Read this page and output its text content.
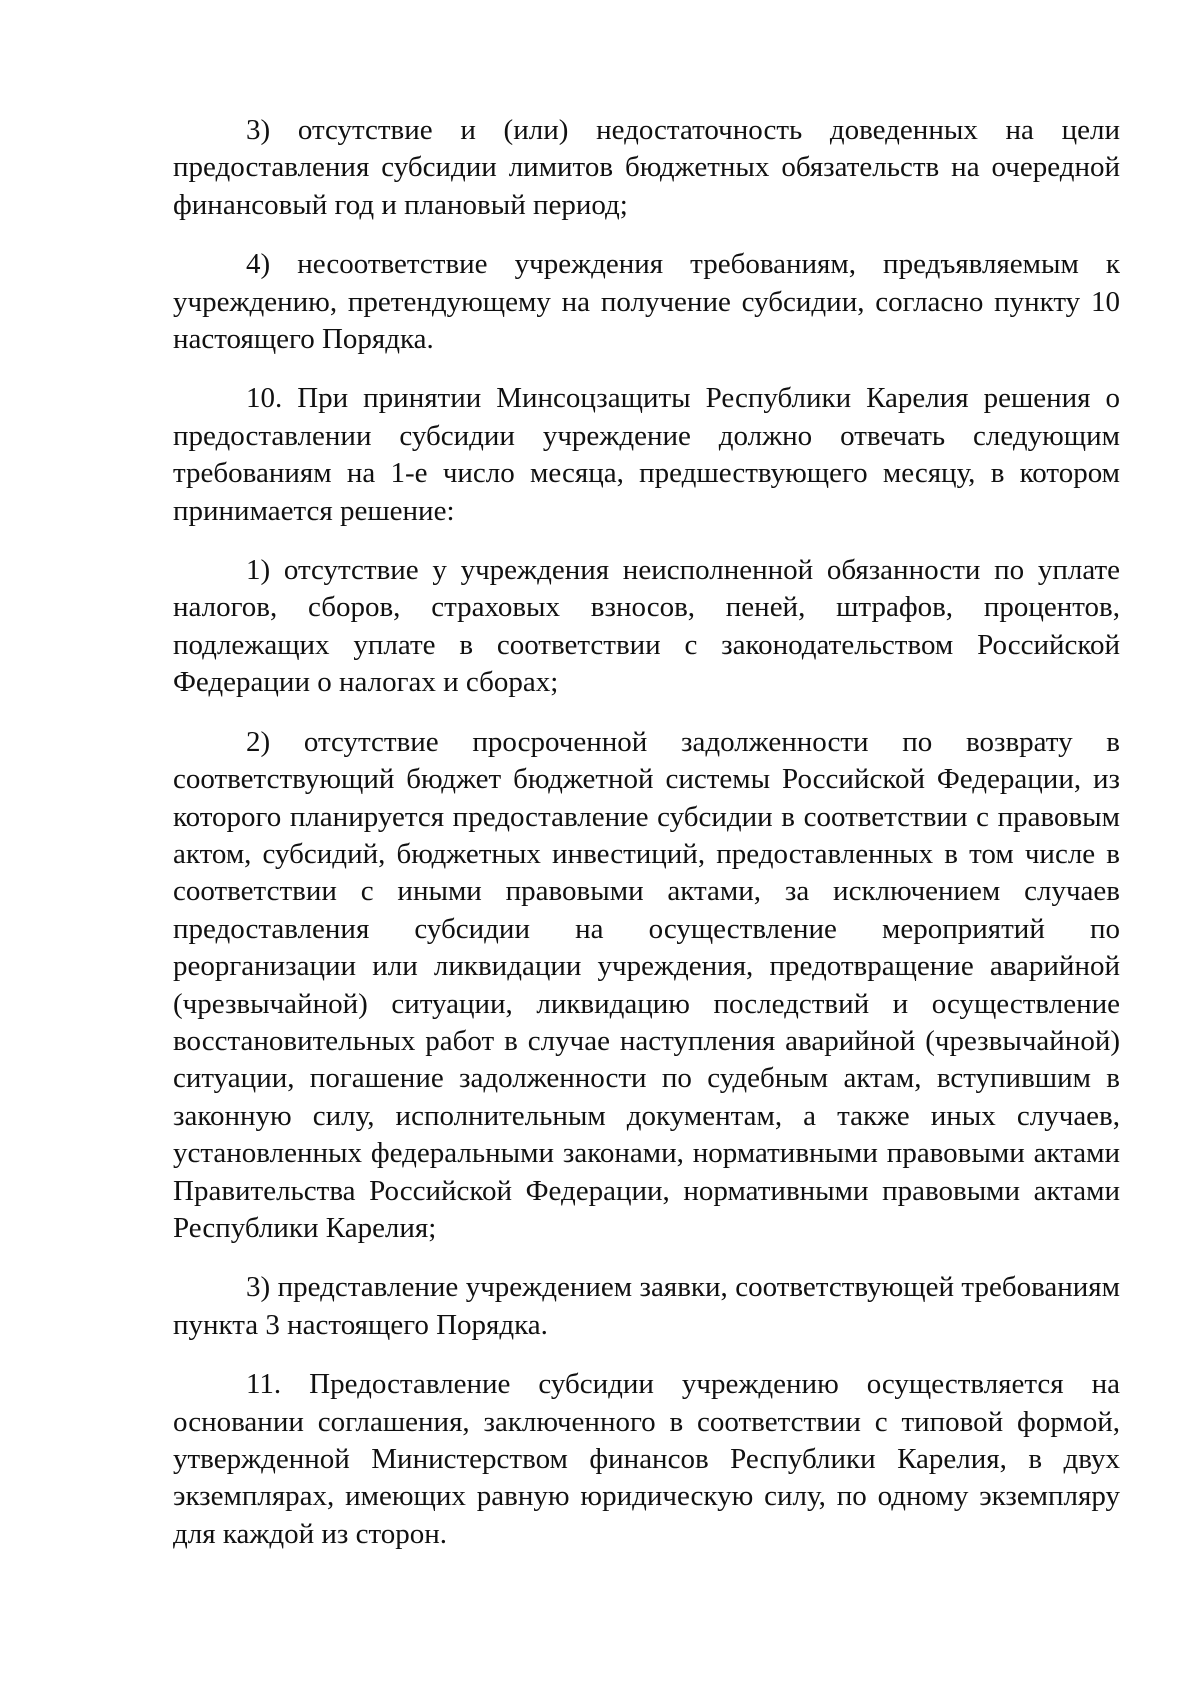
3) отсутствие и (или) недостаточность доведенных на цели предоставления субсидии лимитов бюджетных обязательств на очередной финансовый год и плановый период;

4) несоответствие учреждения требованиям, предъявляемым к учреждению, претендующему на получение субсидии, согласно пункту 10 настоящего Порядка.

10. При принятии Минсоцзащиты Республики Карелия решения о предоставлении субсидии учреждение должно отвечать следующим требованиям на 1-е число месяца, предшествующего месяцу, в котором принимается решение:

1) отсутствие у учреждения неисполненной обязанности по уплате налогов, сборов, страховых взносов, пеней, штрафов, процентов, подлежащих уплате в соответствии с законодательством Российской Федерации о налогах и сборах;

2) отсутствие просроченной задолженности по возврату в соответствующий бюджет бюджетной системы Российской Федерации, из которого планируется предоставление субсидии в соответствии с правовым актом, субсидий, бюджетных инвестиций, предоставленных в том числе в соответствии с иными правовыми актами, за исключением случаев предоставления субсидии на осуществление мероприятий по реорганизации или ликвидации учреждения, предотвращение аварийной (чрезвычайной) ситуации, ликвидацию последствий и осуществление восстановительных работ в случае наступления аварийной (чрезвычайной) ситуации, погашение задолженности по судебным актам, вступившим в законную силу, исполнительным документам, а также иных случаев, установленных федеральными законами, нормативными правовыми актами Правительства Российской Федерации, нормативными правовыми актами Республики Карелия;

3) представление учреждением заявки, соответствующей требованиям пункта 3 настоящего Порядка.

11. Предоставление субсидии учреждению осуществляется на основании соглашения, заключенного в соответствии с типовой формой, утвержденной Министерством финансов Республики Карелия, в двух экземплярах, имеющих равную юридическую силу, по одному экземпляру для каждой из сторон.
